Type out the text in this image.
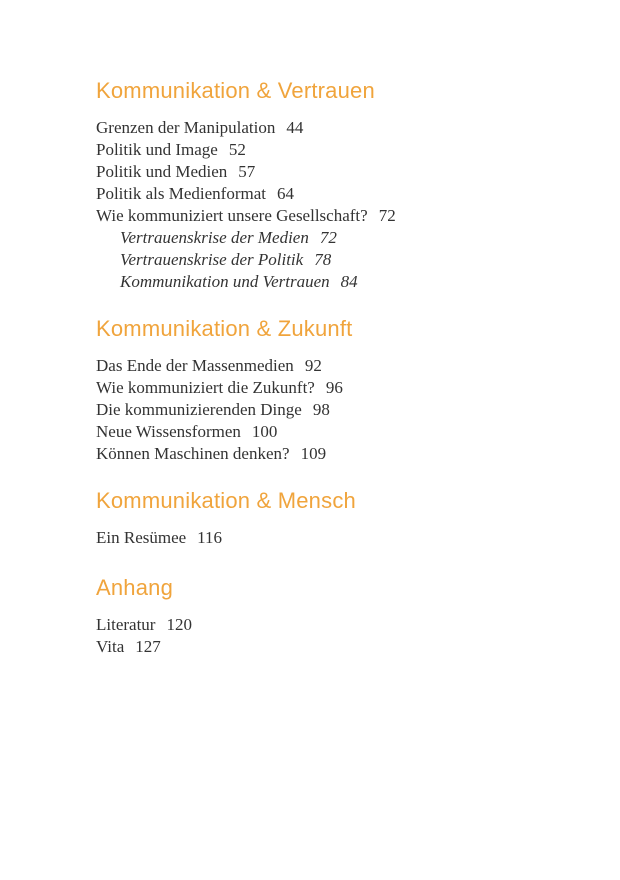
Kommunikation & Vertrauen
Grenzen der Manipulation 44
Politik und Image 52
Politik und Medien 57
Politik als Medienformat 64
Wie kommuniziert unsere Gesellschaft? 72
Vertrauenskrise der Medien 72
Vertrauenskrise der Politik 78
Kommunikation und Vertrauen 84
Kommunikation & Zukunft
Das Ende der Massenmedien 92
Wie kommuniziert die Zukunft? 96
Die kommunizierenden Dinge 98
Neue Wissensformen 100
Können Maschinen denken? 109
Kommunikation & Mensch
Ein Resümee 116
Anhang
Literatur 120
Vita 127
